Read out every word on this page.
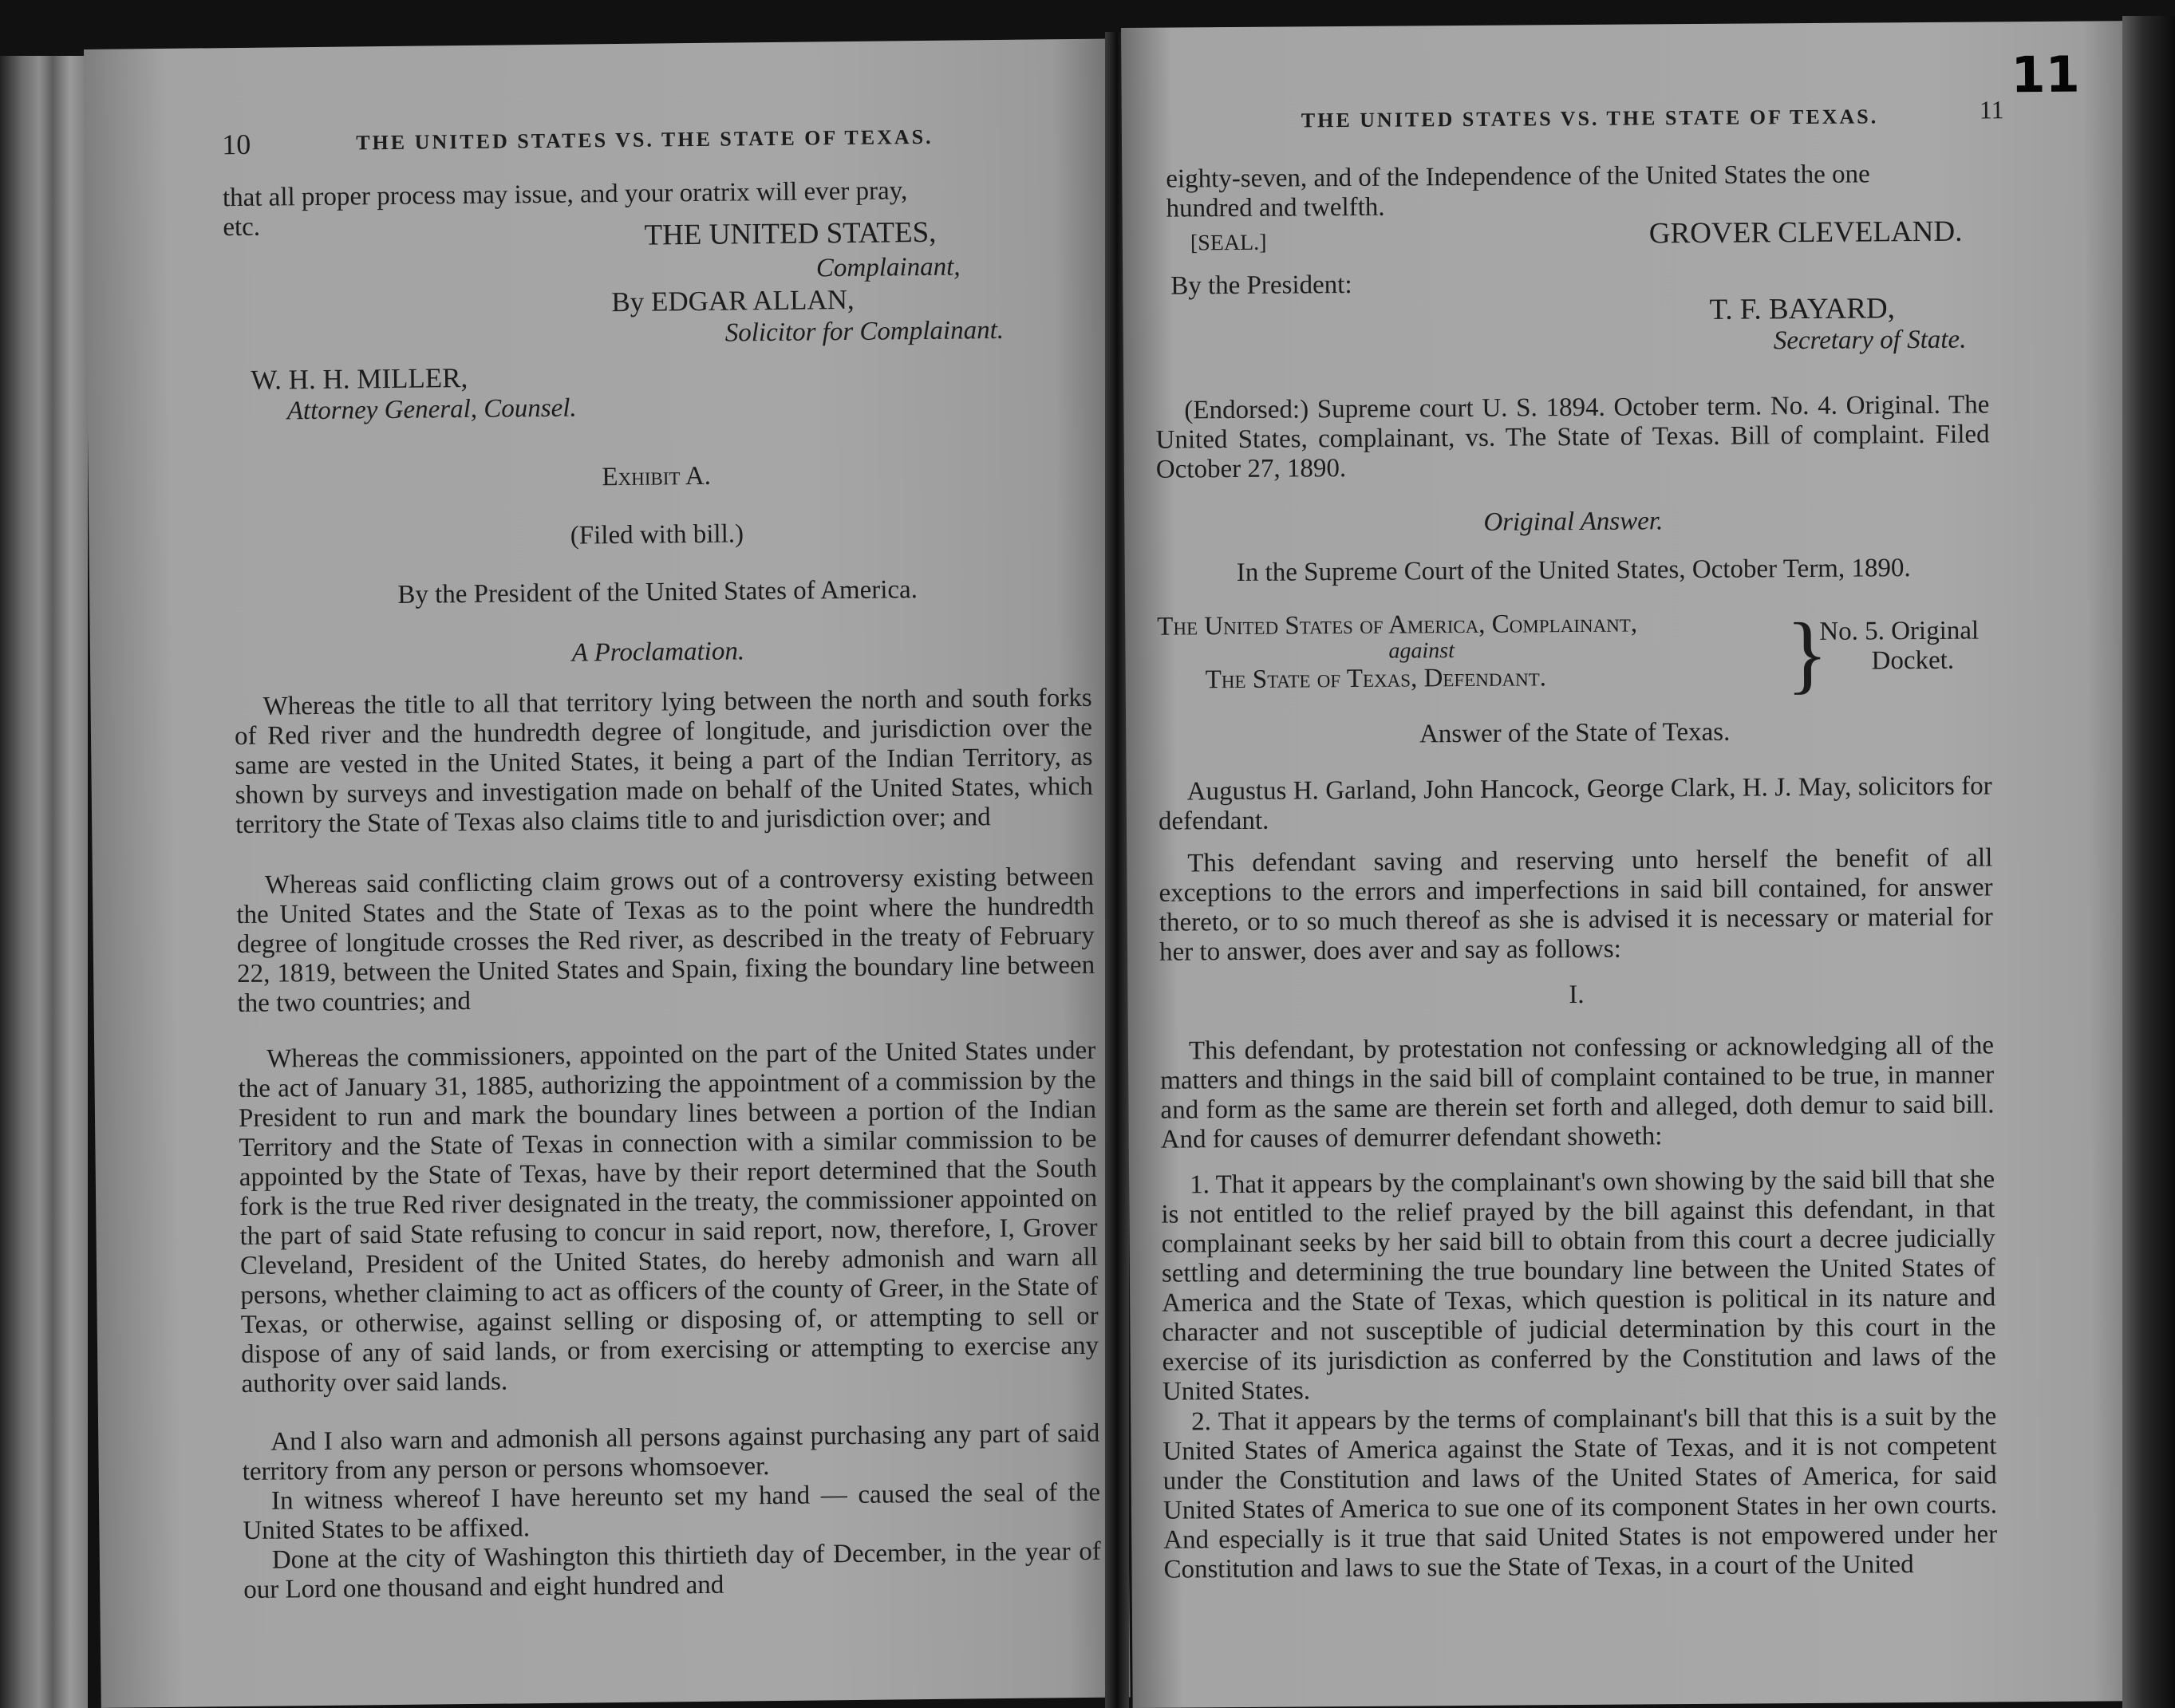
10	THE UNITED STATES VS. THE STATE OF TEXAS.
that all proper process may issue, and your oratrix will ever pray,
etc.	THE UNITED STATES,
Complainant,
By EDGAR ALLAN,
Solicitor for Complainant.
W. H. H. MILLER,
Attorney General, Counsel.
Exhibit A.
(Filed with bill.)
By the President of the United States of America.
A Proclamation.
Whereas the title to all that territory lying between the north and south forks of Red river and the hundredth degree of longitude, and jurisdiction over the same are vested in the United States, it being a part of the Indian Territory, as shown by surveys and investigation made on behalf of the United States, which territory the State of Texas also claims title to and jurisdiction over; and
Whereas said conflicting claim grows out of a controversy existing between the United States and the State of Texas as to the point where the hundredth degree of longitude crosses the Red river, as described in the treaty of February 22, 1819, between the United States and Spain, fixing the boundary line between the two countries; and
Whereas the commissioners, appointed on the part of the United States under the act of January 31, 1885, authorizing the appointment of a commission by the President to run and mark the boundary lines between a portion of the Indian Territory and the State of Texas in connection with a similar commission to be appointed by the State of Texas, have by their report determined that the South fork is the true Red river designated in the treaty, the commissioner appointed on the part of said State refusing to concur in said report, now, therefore, I, Grover Cleveland, President of the United States, do hereby admonish and warn all persons, whether claiming to act as officers of the county of Greer, in the State of Texas, or otherwise, against selling or disposing of, or attempting to sell or dispose of any of said lands, or from exercising or attempting to exercise any authority over said lands.
And I also warn and admonish all persons against purchasing any part of said territory from any person or persons whomsoever.
In witness whereof I have hereunto set my hand — caused the seal of the United States to be affixed.
Done at the city of Washington this thirtieth day of December, in the year of our Lord one thousand and eight hundred and
11
11
THE UNITED STATES VS. THE STATE OF TEXAS.
eighty-seven, and of the Independence of the United States the one
hundred and twelfth.
[SEAL.]	GROVER CLEVELAND.
By the President:
T. F. BAYARD,
Secretary of State.
(Endorsed:) Supreme court U. S. 1894. October term. No. 4. Original. The United States, complainant, vs. The State of Texas. Bill of complaint. Filed October 27, 1890.
Original Answer.
In the Supreme Court of the United States, October Term, 1890.
The United States of America, Complainant,
against
The State of Texas, Defendant.	}
No. 5. Original
Docket.
Answer of the State of Texas.
Augustus H. Garland, John Hancock, George Clark, H. J. May, solicitors for defendant.
This defendant saving and reserving unto herself the benefit of all exceptions to the errors and imperfections in said bill contained, for answer thereto, or to so much thereof as she is advised it is necessary or material for her to answer, does aver and say as follows:
I.
This defendant, by protestation not confessing or acknowledging all of the matters and things in the said bill of complaint contained to be true, in manner and form as the same are therein set forth and alleged, doth demur to said bill. And for causes of demurrer defendant showeth:
1. That it appears by the complainant's own showing by the said bill that she is not entitled to the relief prayed by the bill against this defendant, in that complainant seeks by her said bill to obtain from this court a decree judicially settling and determining the true boundary line between the United States of America and the State of Texas, which question is political in its nature and character and not susceptible of judicial determination by this court in the exercise of its jurisdiction as conferred by the Constitution and laws of the United States.
2. That it appears by the terms of complainant's bill that this is a suit by the United States of America against the State of Texas, and it is not competent under the Constitution and laws of the United States of America, for said United States of America to sue one of its component States in her own courts. And especially is it true that said United States is not empowered under her Constitution and laws to sue the State of Texas, in a court of the United
